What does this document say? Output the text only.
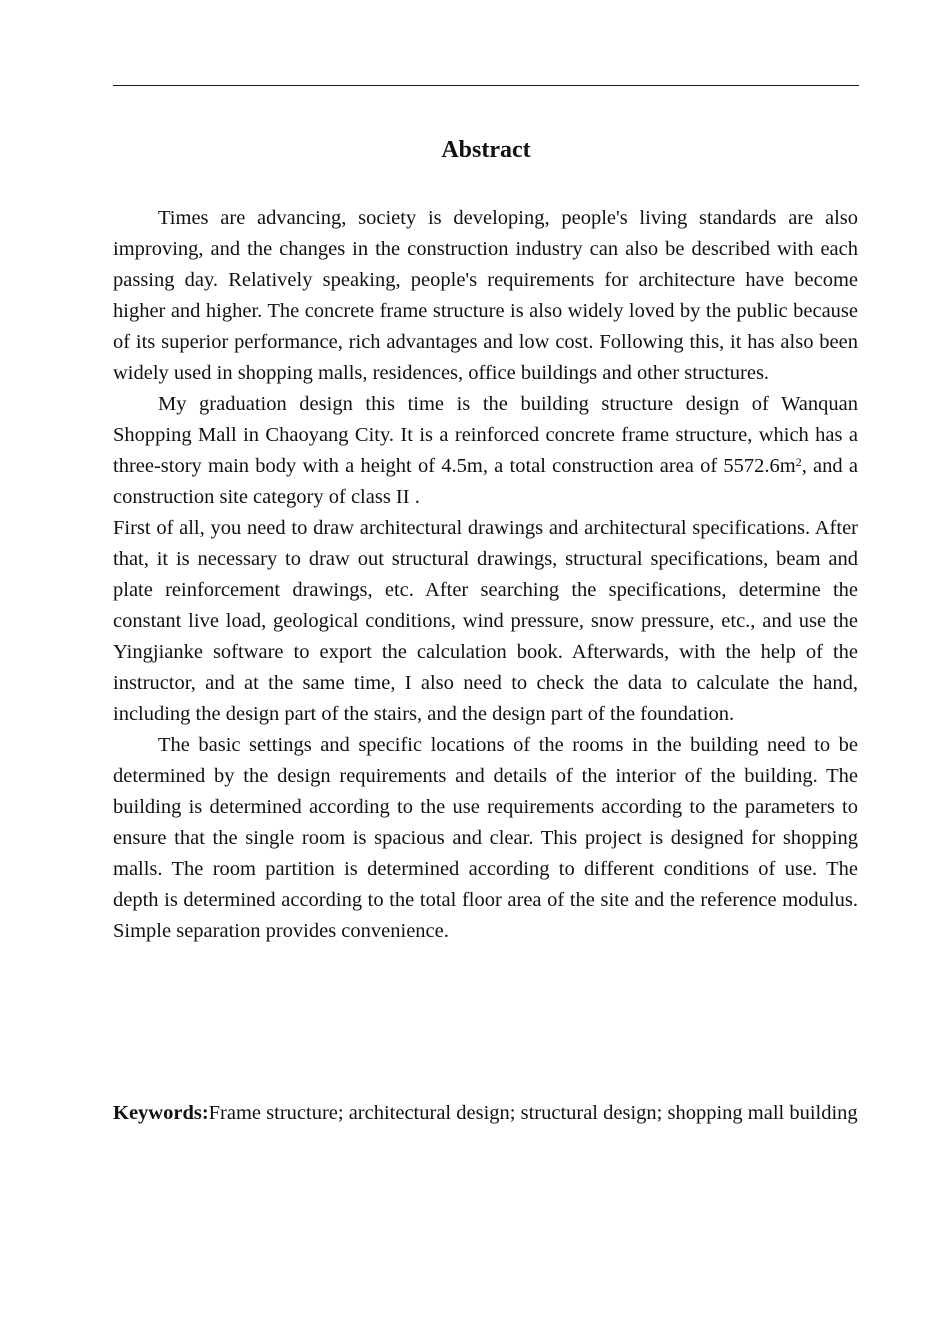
Abstract

Times are advancing, society is developing, people's living standards are also improving, and the changes in the construction industry can also be described with each passing day. Relatively speaking, people's requirements for architecture have become higher and higher. The concrete frame structure is also widely loved by the public because of its superior performance, rich advantages and low cost. Following this, it has also been widely used in shopping malls, residences, office buildings and other structures.

My graduation design this time is the building structure design of Wanquan Shopping Mall in Chaoyang City. It is a reinforced concrete frame structure, which has a three-story main body with a height of 4.5m, a total construction area of $5572.6m^2$, and a construction site category of class II .

First of all, you need to draw architectural drawings and architectural specifications. After that, it is necessary to draw out structural drawings, structural specifications, beam and plate reinforcement drawings, etc. After searching the specifications, determine the constant live load, geological conditions, wind pressure, snow pressure, etc., and use the Yingjianke software to export the calculation book. Afterwards, with the help of the instructor, and at the same time, I also need to check the data to calculate the hand, including the design part of the stairs, and the design part of the foundation.

The basic settings and specific locations of the rooms in the building need to be determined by the design requirements and details of the interior of the building. The building is determined according to the use requirements according to the parameters to ensure that the single room is spacious and clear. This project is designed for shopping malls. The room partition is determined according to different conditions of use. The depth is determined according to the total floor area of the site and the reference modulus. Simple separation provides convenience.

Keywords:Frame structure; architectural design; structural design; shopping mall building
